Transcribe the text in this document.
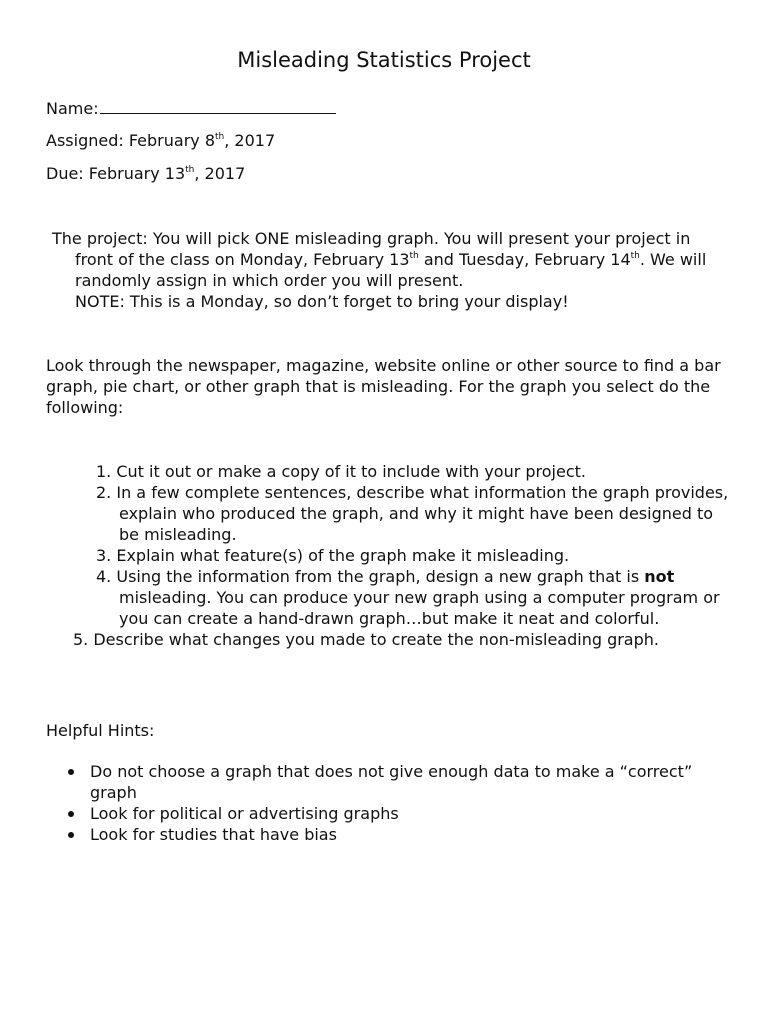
Misleading Statistics Project
Name:
Assigned: February 8th, 2017
Due: February 13th, 2017

The project: You will pick ONE misleading graph. You will present your project in front of the class on Monday, February 13th and Tuesday, February 14th. We will randomly assign in which order you will present.
NOTE: This is a Monday, so don’t forget to bring your display!

Look through the newspaper, magazine, website online or other source to find a bar graph, pie chart, or other graph that is misleading. For the graph you select do the following:

1. Cut it out or make a copy of it to include with your project.
2. In a few complete sentences, describe what information the graph provides, explain who produced the graph, and why it might have been designed to be misleading.
3. Explain what feature(s) of the graph make it misleading.
4. Using the information from the graph, design a new graph that is not misleading. You can produce your new graph using a computer program or you can create a hand-drawn graph…but make it neat and colorful.
5. Describe what changes you made to create the non-misleading graph.
Helpful Hints:
Do not choose a graph that does not give enough data to make a “correct” graph
Look for political or advertising graphs
Look for studies that have bias
